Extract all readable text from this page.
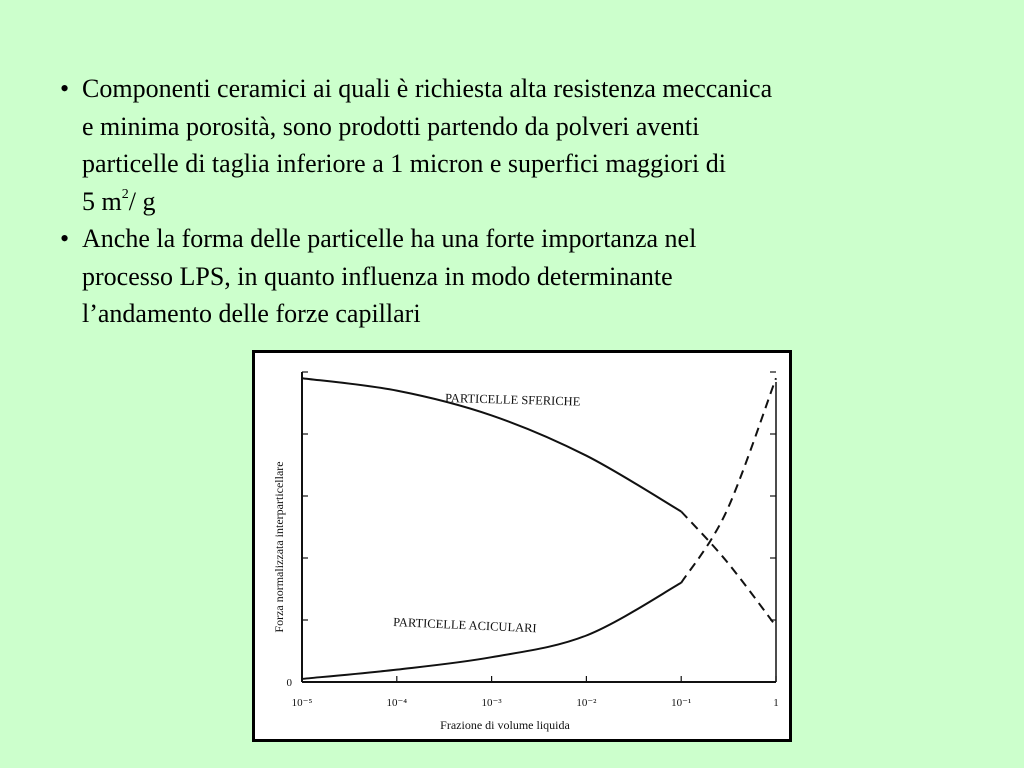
• Componenti ceramici ai quali è richiesta alta resistenza meccanica
e minima porosità, sono prodotti partendo da polveri aventi
particelle di taglia inferiore a 1 micron e superfici maggiori di
5 $m^2/$ g
• Anche la forma delle particelle ha una forte importanza nel
processo LPS, in quanto influenza in modo determinante
l’andamento delle forze capillari
10⁻⁵	10⁻⁴	10⁻³	10⁻²	10⁻¹	1
0
Frazione di volume liquida
Forza normalizzata interparticellare
PARTICELLE SFERICHE
PARTICELLE ACICULARI
